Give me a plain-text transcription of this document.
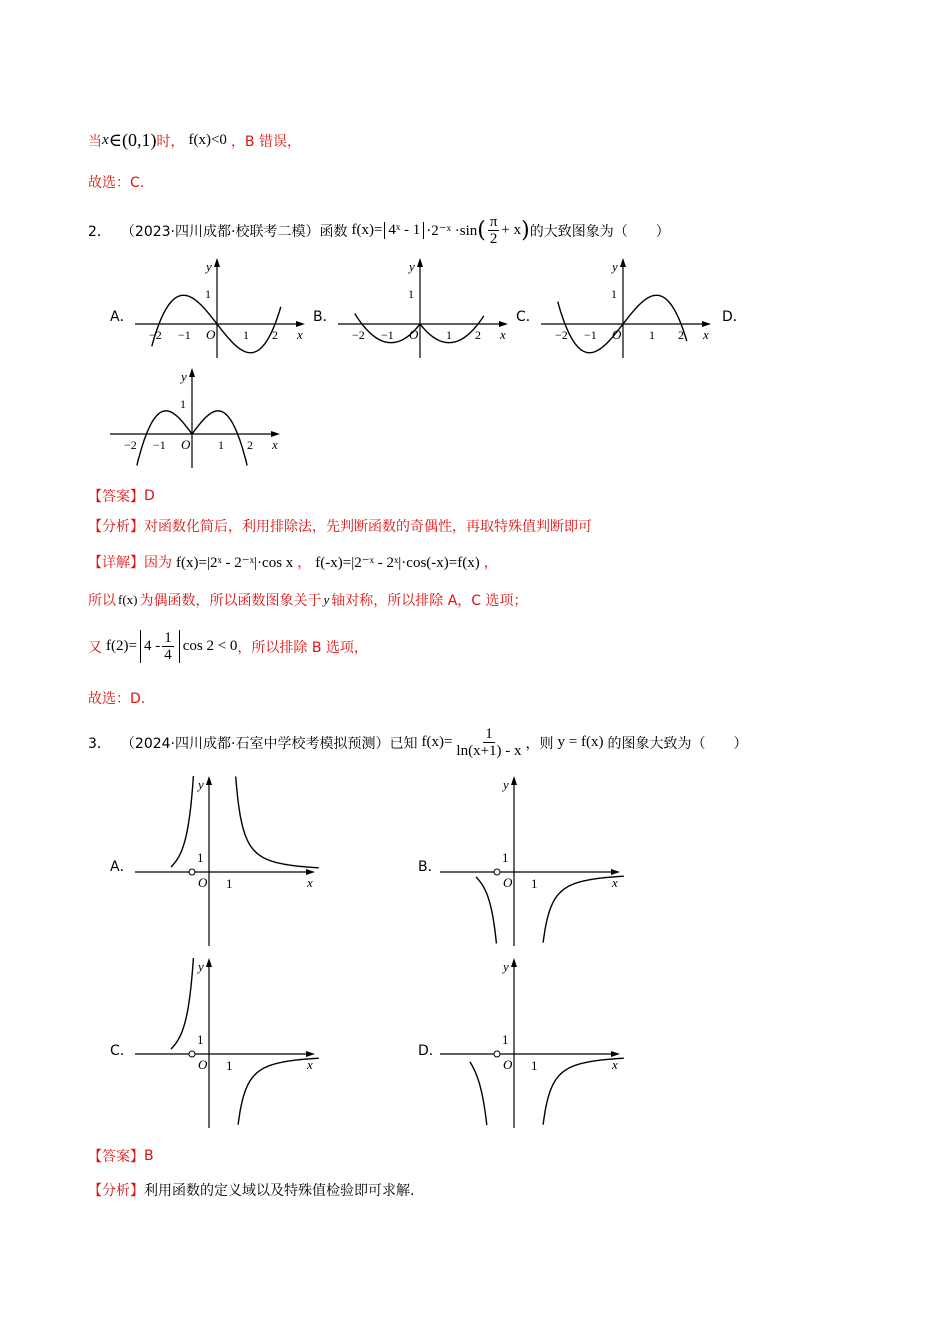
当 x ∈(0,1) 时， f(x)<0 ，B 错误，
故选：C.
2． （2023·四川成都·校联考二模） 函数 f(x)= 4ˣ - 1 ·2⁻ˣ ·sin ( $\frac{\pi}{2} + x$ ) 的大致图象为（　　）
A．	B．	C．	D．
y
x
O
1
−2 −1	1 2
y
x
O
1
−2 −1	1 2
y
x
O
1
−2 −1	1 2
y
x
O
1
−2 −1	1 2
【答案】 D
【分析】 对函数化简后，利用排除法，先判断函数的奇偶性，再取特殊值判断即可
【详解】 因为 f(x)=|2ˣ - 2⁻ˣ|·cos x ， f(-x)=|2⁻ˣ - 2ˣ|·cos(-x)=f(x) ，
所以 f(x) 为偶函数，所以函数图象关于 y 轴对称，所以排除 A，C 选项；
又 $f(2)= 4 - \frac{1}{4}$ cos 2 < 0 ，所以排除 B 选项，
故选：D.
3． （2024·四川成都·石室中学校考模拟预测） 已知 $f(x)= \frac{1}{\ln(x+1) - x}$ ，则 y = f(x) 的图象大致为（　　）
A．	B．
C．	D．
y
x
O
1
1
y
x
O
1
1
y
x
O
1
1
y
x
O
1
1
【答案】 B
【分析】 利用函数的定义域以及特殊值检验即可求解.
